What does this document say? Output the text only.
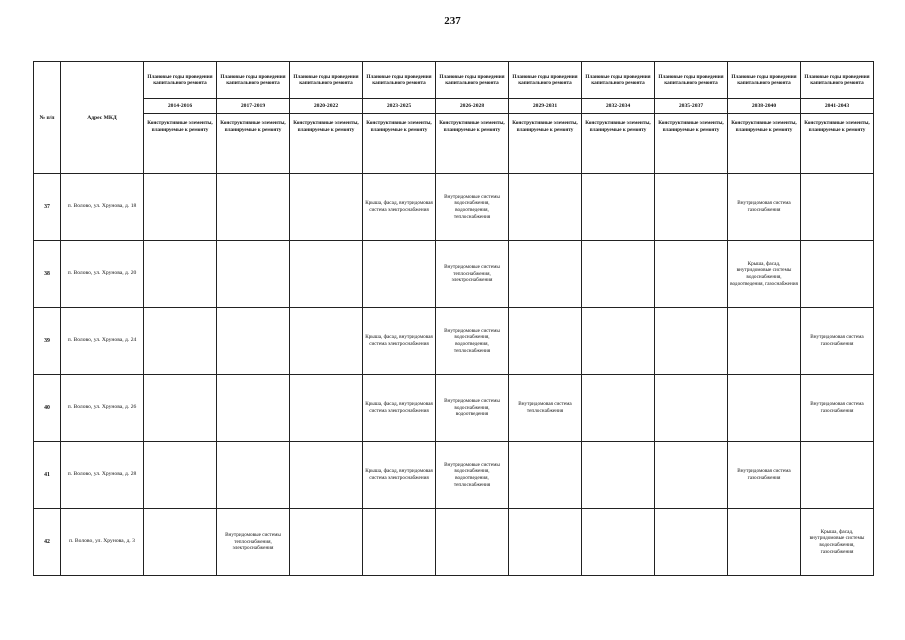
237
№ п/п	Адрес МКД	Плановые годы проведения капитального ремонта	Плановые годы проведения капитального ремонта	Плановые годы проведения капитального ремонта	Плановые годы проведения капитального ремонта	Плановые годы проведения капитального ремонта	Плановые годы проведения капитального ремонта	Плановые годы проведения капитального ремонта	Плановые годы проведения капитального ремонта	Плановые годы проведения капитального ремонта	Плановые годы проведения капитального ремонта
		2014-2016	2017-2019	2020-2022	2023-2025	2026-2028	2029-2031	2032-2034	2035-2037	2038-2040	2041-2043
		Конструктивные элементы, планируемые к ремонту	Конструктивные элементы, планируемые к ремонту	Конструктивные элементы, планируемые к ремонту	Конструктивные элементы, планируемые к ремонту	Конструктивные элементы, планируемые к ремонту	Конструктивные элементы, планируемые к ремонту	Конструктивные элементы, планируемые к ремонту	Конструктивные элементы, планируемые к ремонту	Конструктивные элементы, планируемые к ремонту	Конструктивные элементы, планируемые к ремонту
37	п. Волово, ул. Хрунова, д. 18				Крыша, фасад, внутридомовая система электроснабжения	Внутридомовые системы водоснабжения, водоотведения, теплоснабжения				Внутридомовая система газоснабжения	
38	п. Волово, ул. Хрунова, д. 20					Внутридомовые системы теплоснабжения, электроснабжения				Крыша, фасад, внутридомовые системы водоснабжения, водоотведения, газоснабжения	
39	п. Волово, ул. Хрунова, д. 24				Крыша, фасад, внутридомовая система электроснабжения	Внутридомовые системы водоснабжения, водоотведения, теплоснабжения					Внутридомовая система газоснабжения
40	п. Волово, ул. Хрунова, д. 26				Крыша, фасад, внутридомовая система электроснабжения	Внутридомовые системы водоснабжения, водоотведения	Внутридомовая система теплоснабжения				Внутридомовая система газоснабжения
41	п. Волово, ул. Хрунова, д. 28				Крыша, фасад, внутридомовая система электроснабжения	Внутридомовые системы водоснабжения, водоотведения, теплоснабжения				Внутридомовая система газоснабжения	
42	п. Волово, ул. Хрунова, д. 3		Внутридомовые системы теплоснабжения, электроснабжения								Крыша, фасад, внутридомовые системы водоснабжения, газоснабжения
